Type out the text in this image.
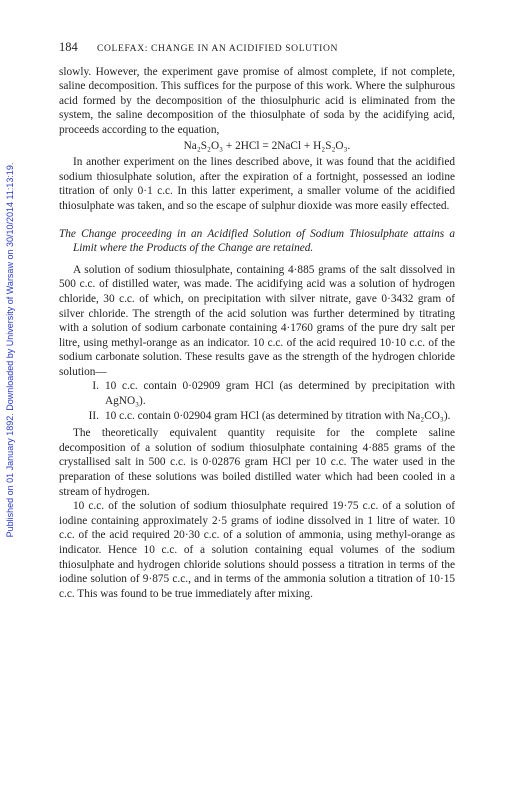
Published on 01 January 1892. Downloaded by University of Warsaw on 30/10/2014 11:13:19.
184	COLEFAX: CHANGE IN AN ACIDIFIED SOLUTION

slowly. However, the experiment gave promise of almost complete, if not complete, saline decomposition. This suffices for the purpose of this work. Where the sulphurous acid formed by the decomposition of the thiosulphuric acid is eliminated from the system, the saline decomposition of the thiosulphate of soda by the acidifying acid, proceeds according to the equation,

Na₂S₂O₃ + 2HCl = 2NaCl + H₂S₂O₃.

In another experiment on the lines described above, it was found that the acidified sodium thiosulphate solution, after the expiration of a fortnight, possessed an iodine titration of only 0·1 c.c. In this latter experiment, a smaller volume of the acidified thiosulphate was taken, and so the escape of sulphur dioxide was more easily effected.

The Change proceeding in an Acidified Solution of Sodium Thiosulphate attains a Limit where the Products of the Change are retained.

A solution of sodium thiosulphate, containing 4·885 grams of the salt dissolved in 500 c.c. of distilled water, was made. The acidifying acid was a solution of hydrogen chloride, 30 c.c. of which, on precipitation with silver nitrate, gave 0·3432 gram of silver chloride. The strength of the acid solution was further determined by titrating with a solution of sodium carbonate containing 4·1760 grams of the pure dry salt per litre, using methyl-orange as an indicator. 10 c.c. of the acid required 10·10 c.c. of the sodium carbonate solution. These results gave as the strength of the hydrogen chloride solution—

I. 10 c.c. contain 0·02909 gram HCl (as determined by precipitation with AgNO₃).
II. 10 c.c. contain 0·02904 gram HCl (as determined by titration with Na₂CO₃).

The theoretically equivalent quantity requisite for the complete saline decomposition of a solution of sodium thiosulphate containing 4·885 grams of the crystallised salt in 500 c.c. is 0·02876 gram HCl per 10 c.c. The water used in the preparation of these solutions was boiled distilled water which had been cooled in a stream of hydrogen.

10 c.c. of the solution of sodium thiosulphate required 19·75 c.c. of a solution of iodine containing approximately 2·5 grams of iodine dissolved in 1 litre of water. 10 c.c. of the acid required 20·30 c.c. of a solution of ammonia, using methyl-orange as indicator. Hence 10 c.c. of a solution containing equal volumes of the sodium thiosulphate and hydrogen chloride solutions should possess a titration in terms of the iodine solution of 9·875 c.c., and in terms of the ammonia solution a titration of 10·15 c.c. This was found to be true immediately after mixing.
